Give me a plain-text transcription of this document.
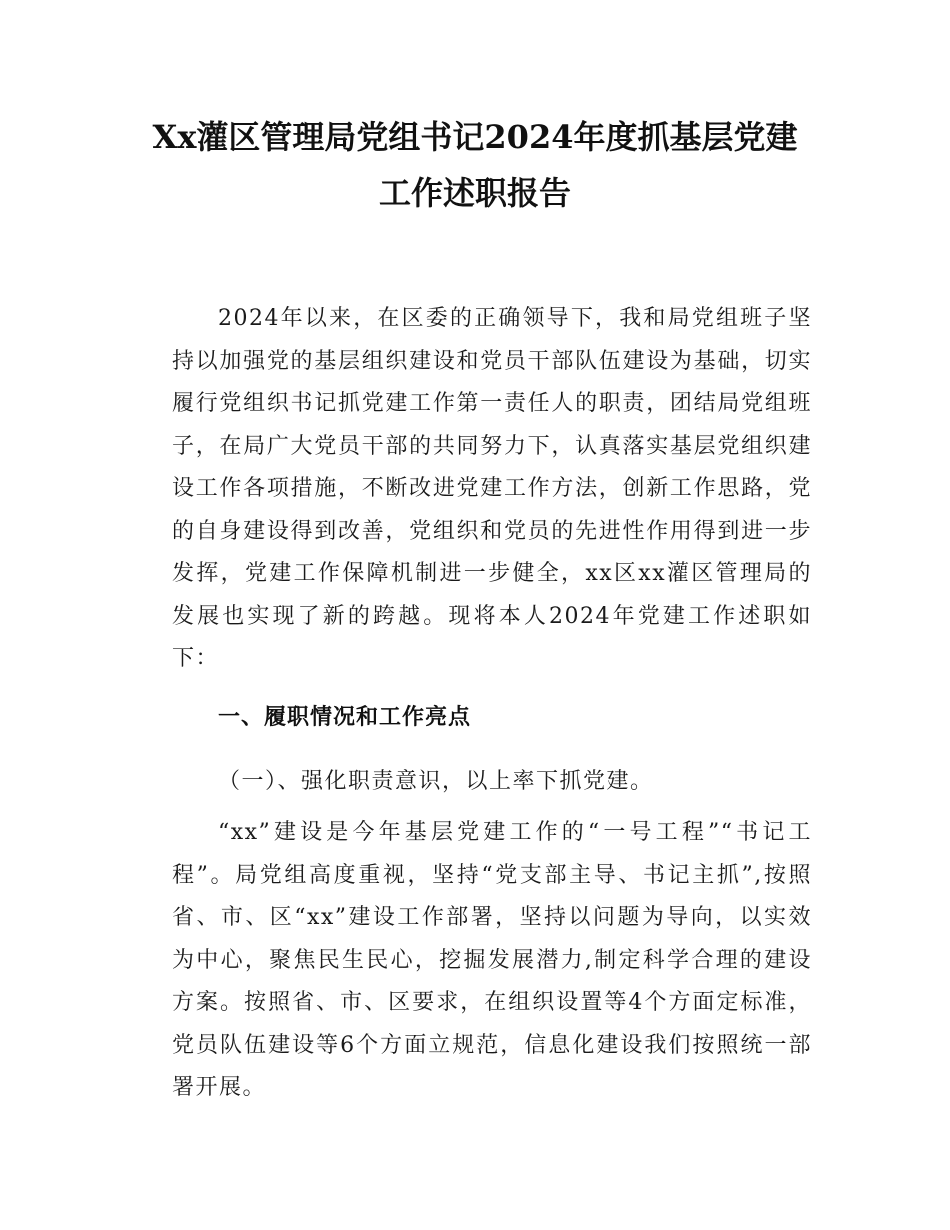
Xx灌区管理局党组书记2024年度抓基层党建
工作述职报告

2024年以来，在区委的正确领导下，我和局党组班子坚持以加强党的基层组织建设和党员干部队伍建设为基础，切实履行党组织书记抓党建工作第一责任人的职责，团结局党组班子，在局广大党员干部的共同努力下，认真落实基层党组织建设工作各项措施，不断改进党建工作方法，创新工作思路，党的自身建设得到改善，党组织和党员的先进性作用得到进一步发挥，党建工作保障机制进一步健全，xx区xx灌区管理局的发展也实现了新的跨越。现将本人2024年党建工作述职如下：

一、履职情况和工作亮点

（一）、强化职责意识，以上率下抓党建。

“xx”建设是今年基层党建工作的“一号工程”“书记工程”。局党组高度重视，坚持“党支部主导、书记主抓”,按照省、市、区“xx”建设工作部署，坚持以问题为导向，以实效为中心，聚焦民生民心，挖掘发展潜力,制定科学合理的建设方案。按照省、市、区要求，在组织设置等4个方面定标准，党员队伍建设等6个方面立规范，信息化建设我们按照统一部署开展。
